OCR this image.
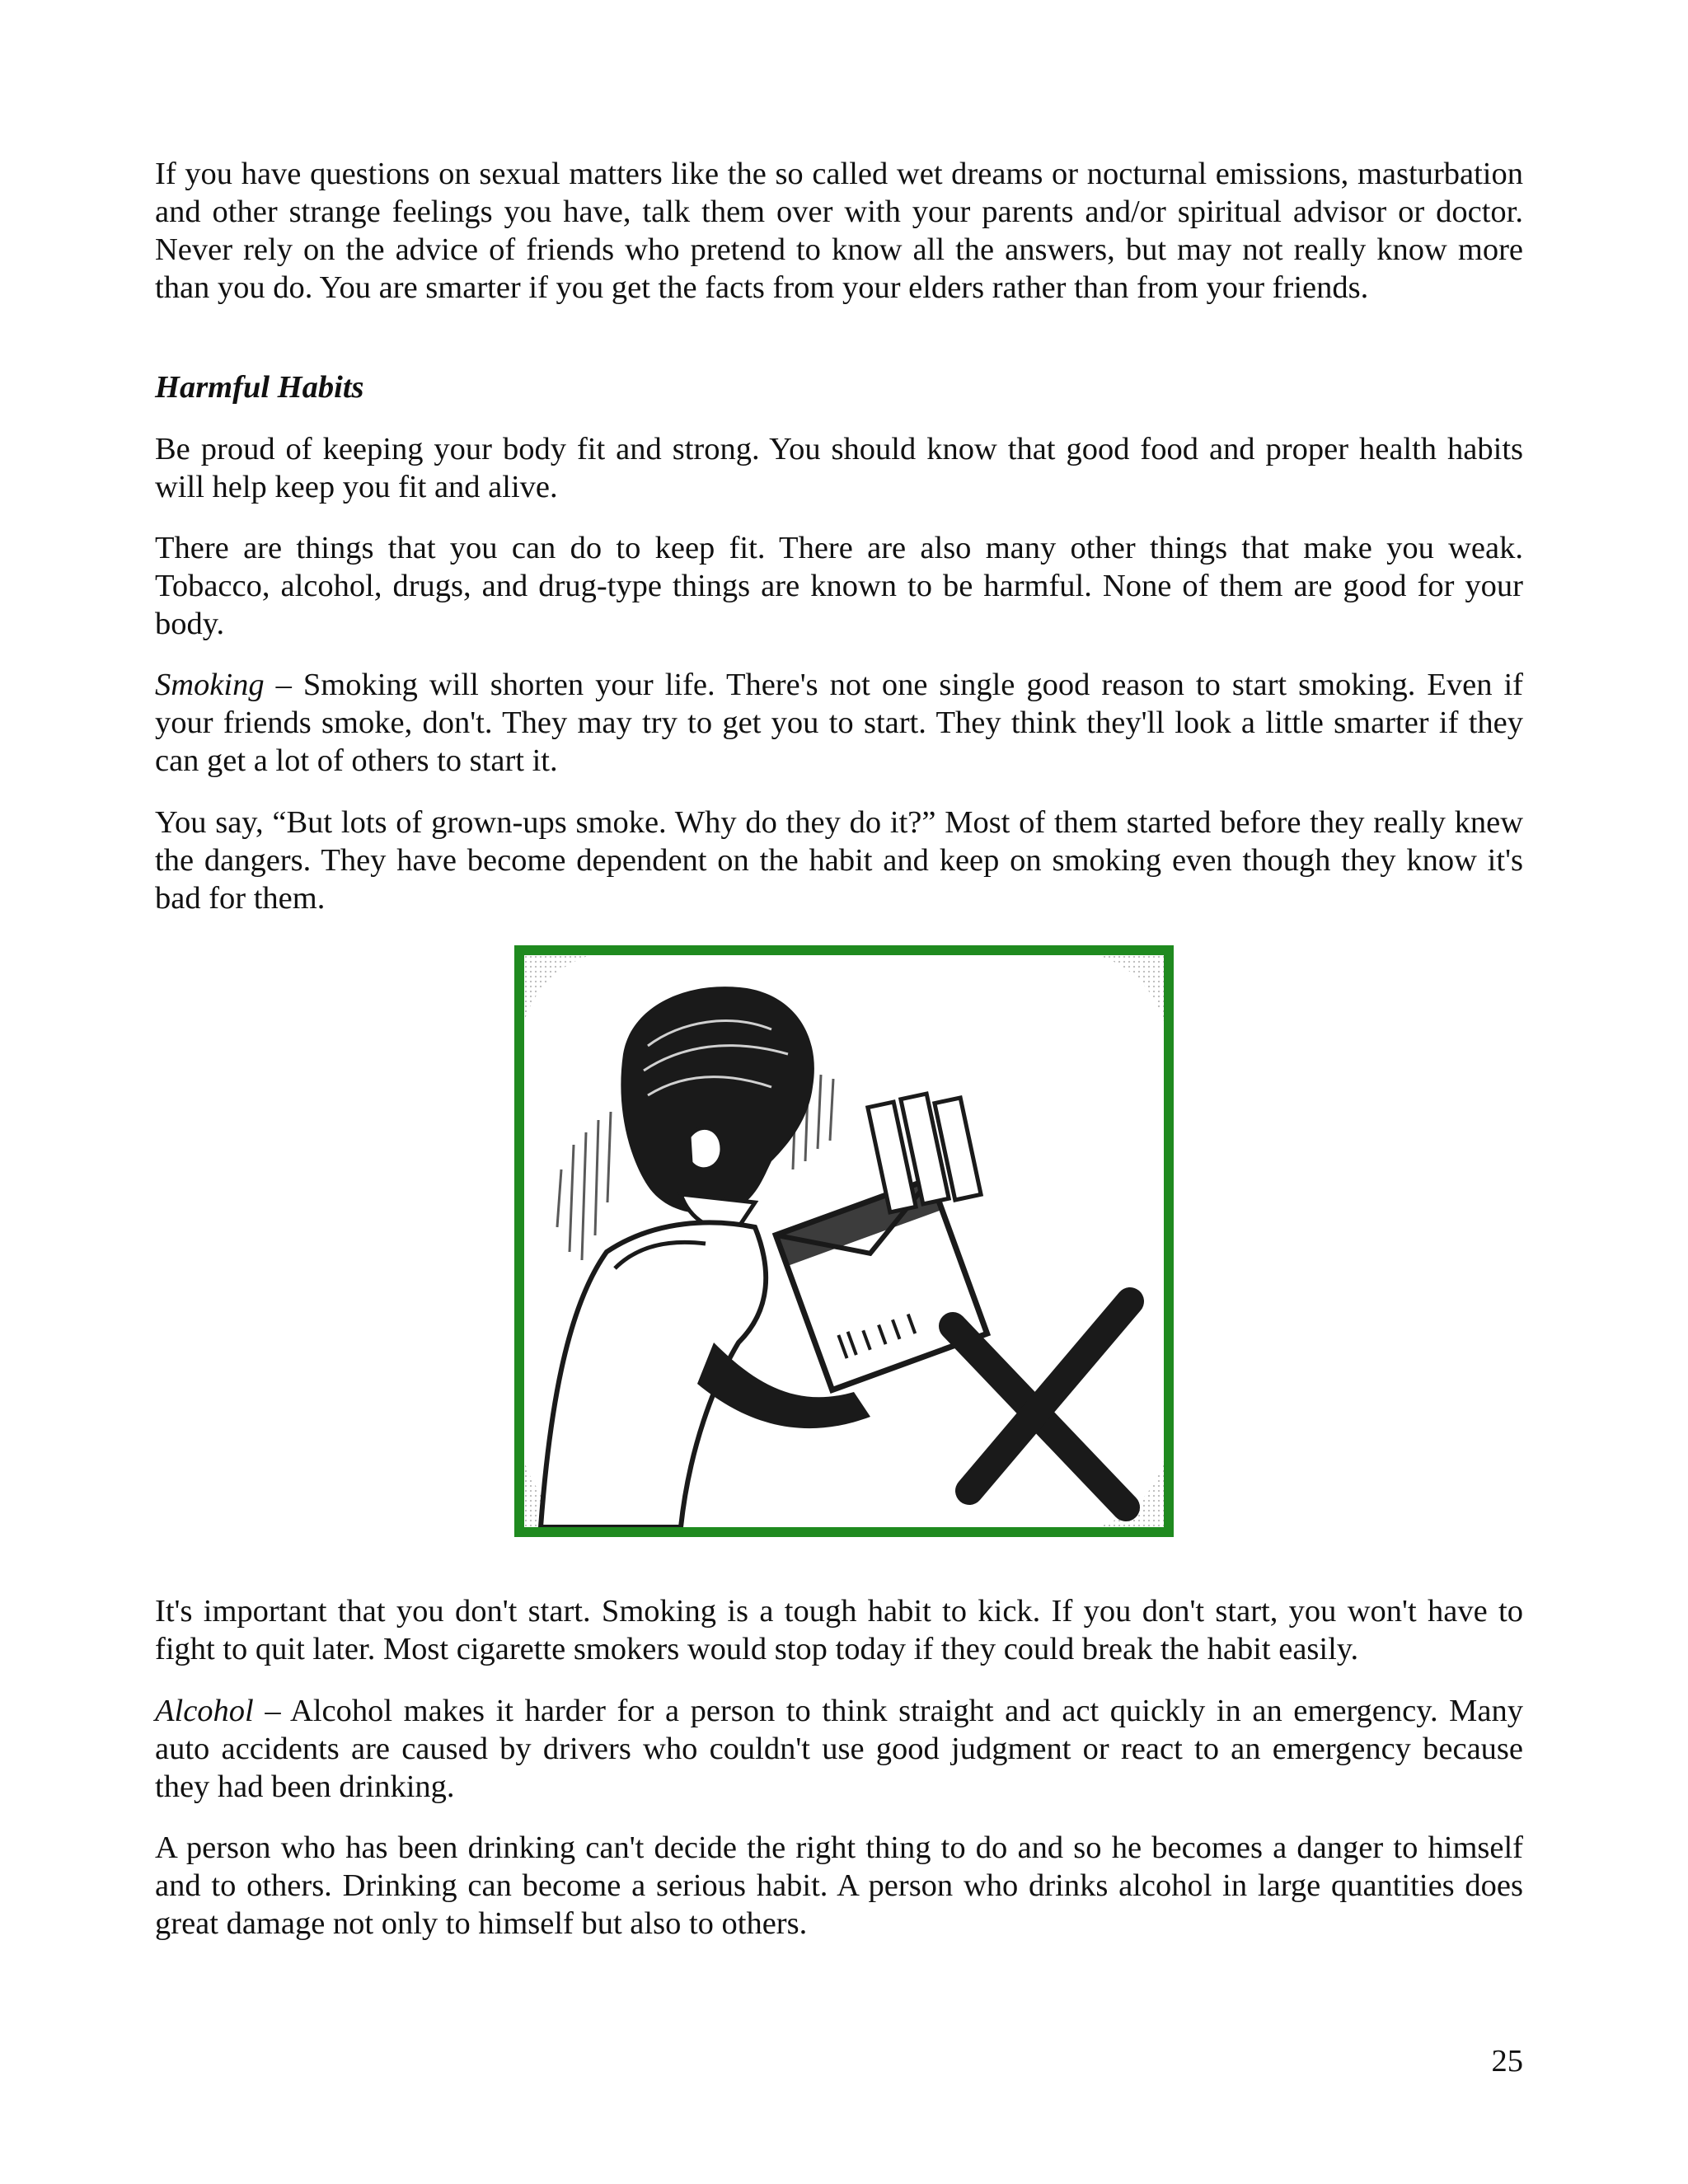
If you have questions on sexual matters like the so called wet dreams or nocturnal emissions, masturbation and other strange feelings you have, talk them over with your parents and/or spiritual advisor or doctor. Never rely on the advice of friends who pretend to know all the answers, but may not really know more than you do. You are smarter if you get the facts from your elders rather than from your friends.

Harmful Habits

Be proud of keeping your body fit and strong. You should know that good food and proper health habits will help keep you fit and alive.

There are things that you can do to keep fit. There are also many other things that make you weak. Tobacco, alcohol, drugs, and drug-type things are known to be harmful. None of them are good for your body.

Smoking – Smoking will shorten your life. There's not one single good reason to start smoking. Even if your friends smoke, don't. They may try to get you to start. They think they'll look a little smarter if they can get a lot of others to start it.

You say, “But lots of grown-ups smoke. Why do they do it?” Most of them started before they really knew the dangers. They have become dependent on the habit and keep on smoking even though they know it's bad for them.

It's important that you don't start. Smoking is a tough habit to kick. If you don't start, you won't have to fight to quit later. Most cigarette smokers would stop today if they could break the habit easily.

Alcohol – Alcohol makes it harder for a person to think straight and act quickly in an emergency. Many auto accidents are caused by drivers who couldn't use good judgment or react to an emergency because they had been drinking.

A person who has been drinking can't decide the right thing to do and so he becomes a danger to himself and to others. Drinking can become a serious habit. A person who drinks alcohol in large quantities does great damage not only to himself but also to others.

25
